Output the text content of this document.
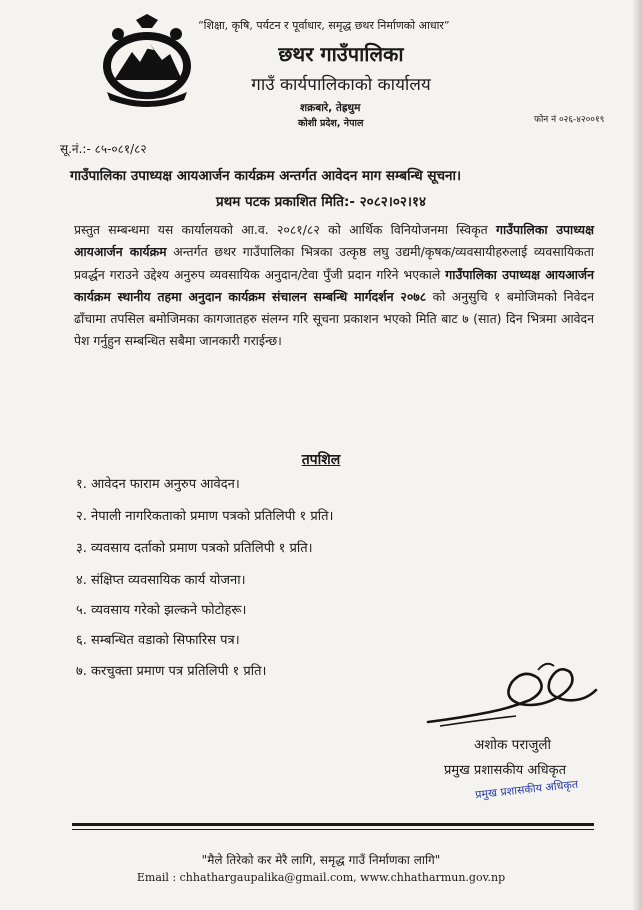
“शिक्षा, कृषि, पर्यटन र पूर्वाधार, समृद्ध छथर निर्माणको आधार”
छथर गाउँपालिका
गाउँ कार्यपालिकाको कार्यालय
शक्रबारे, तेह्रथुम
कोशी प्रदेश, नेपाल	फोन नं ०२६-४२००१९
सू.नं.:- ८५-०८१/८२
गाउँपालिका उपाध्यक्ष आयआर्जन कार्यक्रम अन्तर्गत आवेदन माग सम्बन्धि सूचना।
प्रथम पटक प्रकाशित मिति:- २०८२।०२।१४
प्रस्तुत सम्बन्धमा यस कार्यालयको आ.व. २०८१/८२ को आर्थिक विनियोजनमा स्विकृत गाउँपालिका उपाध्यक्ष आयआर्जन कार्यक्रम अन्तर्गत छथर गाउँपालिका भित्रका उत्कृष्ठ लघु उद्यमी/कृषक/व्यवसायीहरुलाई व्यवसायिकता प्रवर्द्धन गराउने उद्देश्य अनुरुप व्यवसायिक अनुदान/टेवा पुँजी प्रदान गरिने भएकाले गाउँपालिका उपाध्यक्ष आयआर्जन कार्यक्रम स्थानीय तहमा अनुदान कार्यक्रम संचालन सम्बन्धि मार्गदर्शन २०७८ को अनुसुचि १ बमोजिमको निवेदन ढाँचामा तपसिल बमोजिमका कागजातहरु संलग्न गरि सूचना प्रकाशन भएको मिति बाट ७ (सात) दिन भित्रमा आवेदन पेश गर्नुहुन सम्बन्धित सबैमा जानकारी गराईन्छ।
तपशिल
१. आवेदन फाराम अनुरुप आवेदन।
२. नेपाली नागरिकताको प्रमाण पत्रको प्रतिलिपी १ प्रति।
३. व्यवसाय दर्ताको प्रमाण पत्रको प्रतिलिपी १ प्रति।
४. संक्षिप्त व्यवसायिक कार्य योजना।
५. व्यवसाय गरेको झल्कने फोटोहरू।
६. सम्बन्धित वडाको सिफारिस पत्र।
७. करचुक्ता प्रमाण पत्र प्रतिलिपी १ प्रति।
अशोक पराजुली
प्रमुख प्रशासकीय अधिकृत
प्रमुख प्रशासकीय अधिकृत
"मैले तिरेको कर मेरै लागि, समृद्ध गाउँ निर्माणका लागि"
Email : chhathargaupalika@gmail.com, www.chhatharmun.gov.np
